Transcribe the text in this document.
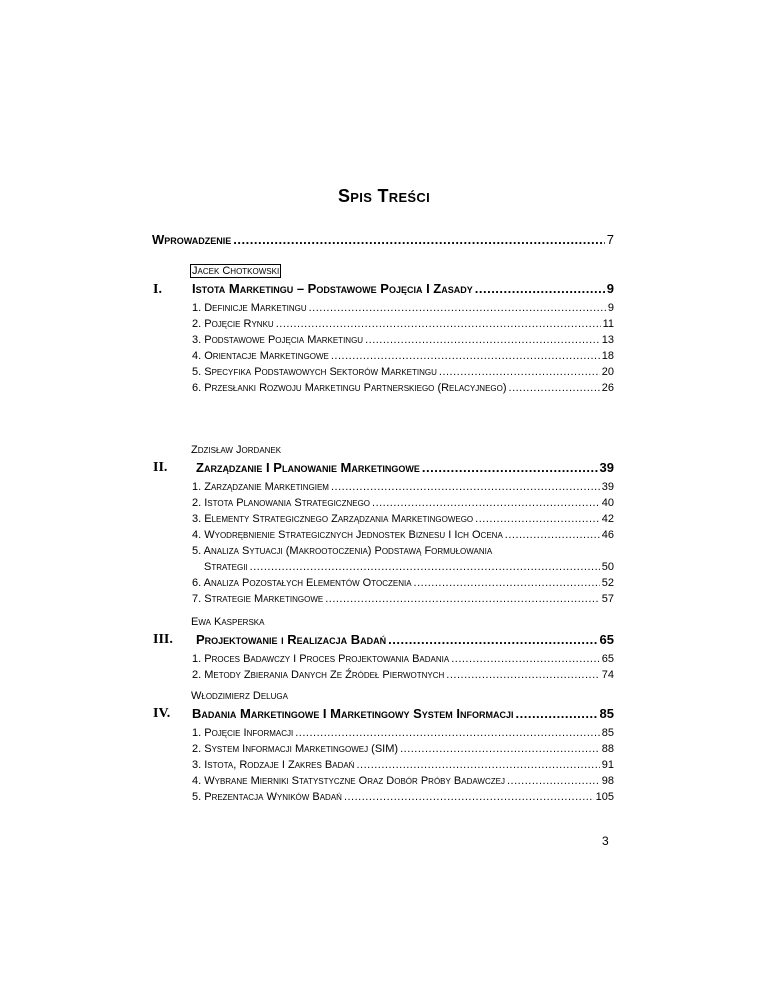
Spis Treści
Wprowadzenie .....	7
Jacek Chotkowski
I. Istota Marketingu – Podstawowe Pojęcia I Zasady .....	9
1. Definicje Marketingu .....	9
2. Pojęcie Rynku .....	11
3. Podstawowe Pojęcia Marketingu .....	13
4. Orientacje Marketingowe .....	18
5. Specyfika Podstawowych Sektorów Marketingu .....	20
6. Przesłanki Rozwoju Marketingu Partnerskiego (Relacyjnego) .....	26
Zdzisław Jordanek
II. Zarządzanie I Planowanie Marketingowe .....	39
1. Zarządzanie Marketingiem .....	39
2. Istota Planowania Strategicznego .....	40
3. Elementy Strategicznego Zarządzania Marketingowego .....	42
4. Wyodrębnienie Strategicznych Jednostek Biznesu I Ich Ocena .....	46
5. Analiza Sytuacji (Makrootoczenia) Podstawą Formułowania
Strategii .....	50
6. Analiza Pozostałych Elementów Otoczenia .....	52
7. Strategie Marketingowe .....	57
Ewa Kasperska
III. Projektowanie i Realizacja Badań .....	65
1. Proces Badawczy I Proces Projektowania Badania .....	65
2. Metody Zbierania Danych Ze Źródeł Pierwotnych .....	74
Włodzimierz Deluga
IV. Badania Marketingowe I Marketingowy System Informacji .....	85
1. Pojęcie Informacji .....	85
2. System Informacji Marketingowej (SIM) .....	88
3. Istota, Rodzaje I Zakres Badań .....	91
4. Wybrane Mierniki Statystyczne Oraz Dobór Próby Badawczej .....	98
5. Prezentacja Wyników Badań .....	105
3
